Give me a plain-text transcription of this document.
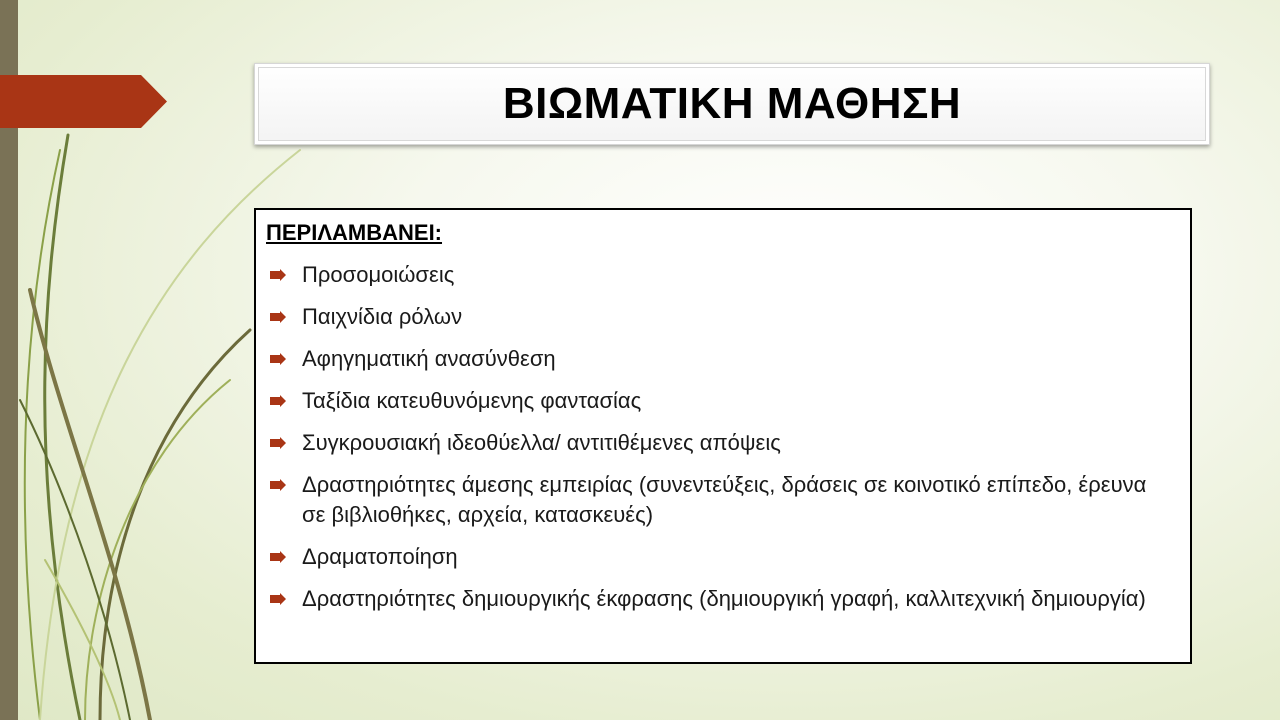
ΒΙΩΜΑΤΙΚΗ ΜΑΘΗΣΗ
ΠΕΡΙΛΑΜΒΑΝΕΙ:
Προσομοιώσεις
Παιχνίδια ρόλων
Αφηγηματική ανασύνθεση
Ταξίδια κατευθυνόμενης φαντασίας
Συγκρουσιακή ιδεοθύελλα/ αντιτιθέμενες απόψεις
Δραστηριότητες άμεσης εμπειρίας (συνεντεύξεις, δράσεις σε κοινοτικό επίπεδο, έρευνα σε βιβλιοθήκες, αρχεία, κατασκευές)
Δραματοποίηση
Δραστηριότητες δημιουργικής έκφρασης (δημιουργική γραφή, καλλιτεχνική δημιουργία)
